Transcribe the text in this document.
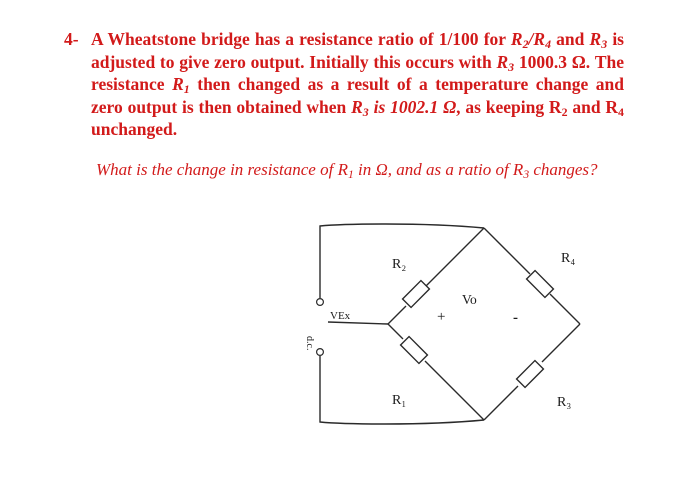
4- A Wheatstone bridge has a resistance ratio of 1/100 for $R_2/R_4$ and $R_3$ is adjusted to give zero output. Initially this occurs with $R_3$ 1000.3 Ω. The resistance $R_1$ then changed as a result of a temperature change and zero output is then obtained when $R_3$ is 1002.1 Ω, as keeping $R_2$ and $R_4$ unchanged.
What is the change in resistance of $R_1$ in Ω, and as a ratio of $R_3$ changes?
R₂	R₄
R₁	R₃
Vo
+	-
VEx
d.c.
